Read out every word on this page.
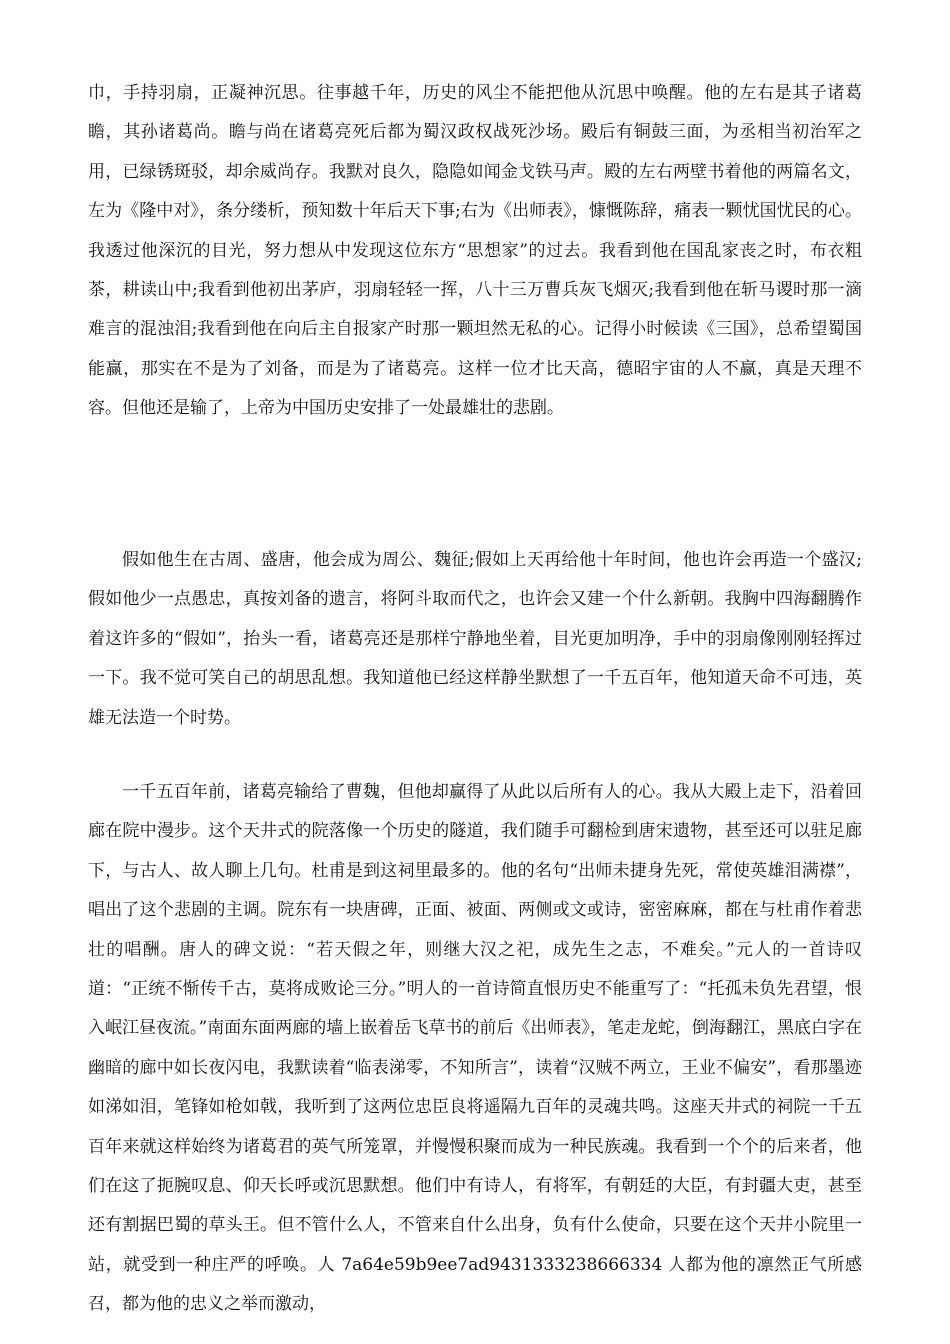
巾，手持羽扇，正凝神沉思。往事越千年，历史的风尘不能把他从沉思中唤醒。他的左右是其子诸葛瞻，其孙诸葛尚。瞻与尚在诸葛亮死后都为蜀汉政权战死沙场。殿后有铜鼓三面，为丞相当初治军之用，已绿锈斑驳，却余威尚存。我默对良久，隐隐如闻金戈铁马声。殿的左右两壁书着他的两篇名文，左为《隆中对》，条分缕析，预知数十年后天下事;右为《出师表》，慷慨陈辞，痛表一颗忧国忧民的心。我透过他深沉的目光，努力想从中发现这位东方“思想家”的过去。我看到他在国乱家丧之时，布衣粗茶，耕读山中;我看到他初出茅庐，羽扇轻轻一挥，八十三万曹兵灰飞烟灭;我看到他在斩马谡时那一滴难言的混浊泪;我看到他在向后主自报家产时那一颗坦然无私的心。记得小时候读《三国》，总希望蜀国能赢，那实在不是为了刘备，而是为了诸葛亮。这样一位才比天高，德昭宇宙的人不赢，真是天理不容。但他还是输了，上帝为中国历史安排了一处最雄壮的悲剧。

假如他生在古周、盛唐，他会成为周公、魏征;假如上天再给他十年时间，他也许会再造一个盛汉;假如他少一点愚忠，真按刘备的遗言，将阿斗取而代之，也许会又建一个什么新朝。我胸中四海翻腾作着这许多的“假如”，抬头一看，诸葛亮还是那样宁静地坐着，目光更加明净，手中的羽扇像刚刚轻挥过一下。我不觉可笑自己的胡思乱想。我知道他已经这样静坐默想了一千五百年，他知道天命不可违，英雄无法造一个时势。

一千五百年前，诸葛亮输给了曹魏，但他却赢得了从此以后所有人的心。我从大殿上走下，沿着回廊在院中漫步。这个天井式的院落像一个历史的隧道，我们随手可翻检到唐宋遗物，甚至还可以驻足廊下，与古人、故人聊上几句。杜甫是到这祠里最多的。他的名句“出师未捷身先死，常使英雄泪满襟”，唱出了这个悲剧的主调。院东有一块唐碑，正面、被面、两侧或文或诗，密密麻麻，都在与杜甫作着悲壮的唱酬。唐人的碑文说：“若天假之年，则继大汉之祀，成先生之志，不难矣。”元人的一首诗叹道：“正统不惭传千古，莫将成败论三分。”明人的一首诗简直恨历史不能重写了：“托孤未负先君望，恨入岷江昼夜流。”南面东面两廊的墙上嵌着岳飞草书的前后《出师表》，笔走龙蛇，倒海翻江，黑底白字在幽暗的廊中如长夜闪电，我默读着“临表涕零，不知所言”，读着“汉贼不两立，王业不偏安”，看那墨迹如涕如泪，笔锋如枪如戟，我听到了这两位忠臣良将遥隔九百年的灵魂共鸣。这座天井式的祠院一千五百年来就这样始终为诸葛君的英气所笼罩，并慢慢积聚而成为一种民族魂。我看到一个个的后来者，他们在这了扼腕叹息、仰天长呼或沉思默想。他们中有诗人，有将军，有朝廷的大臣，有封疆大吏，甚至还有割据巴蜀的草头王。但不管什么人，不管来自什么出身，负有什么使命，只要在这个天井小院里一站，就受到一种庄严的呼唤。人 7a64e59b9ee7ad9431333238666334 人都为他的凛然正气所感召，都为他的忠义之举而激动，
